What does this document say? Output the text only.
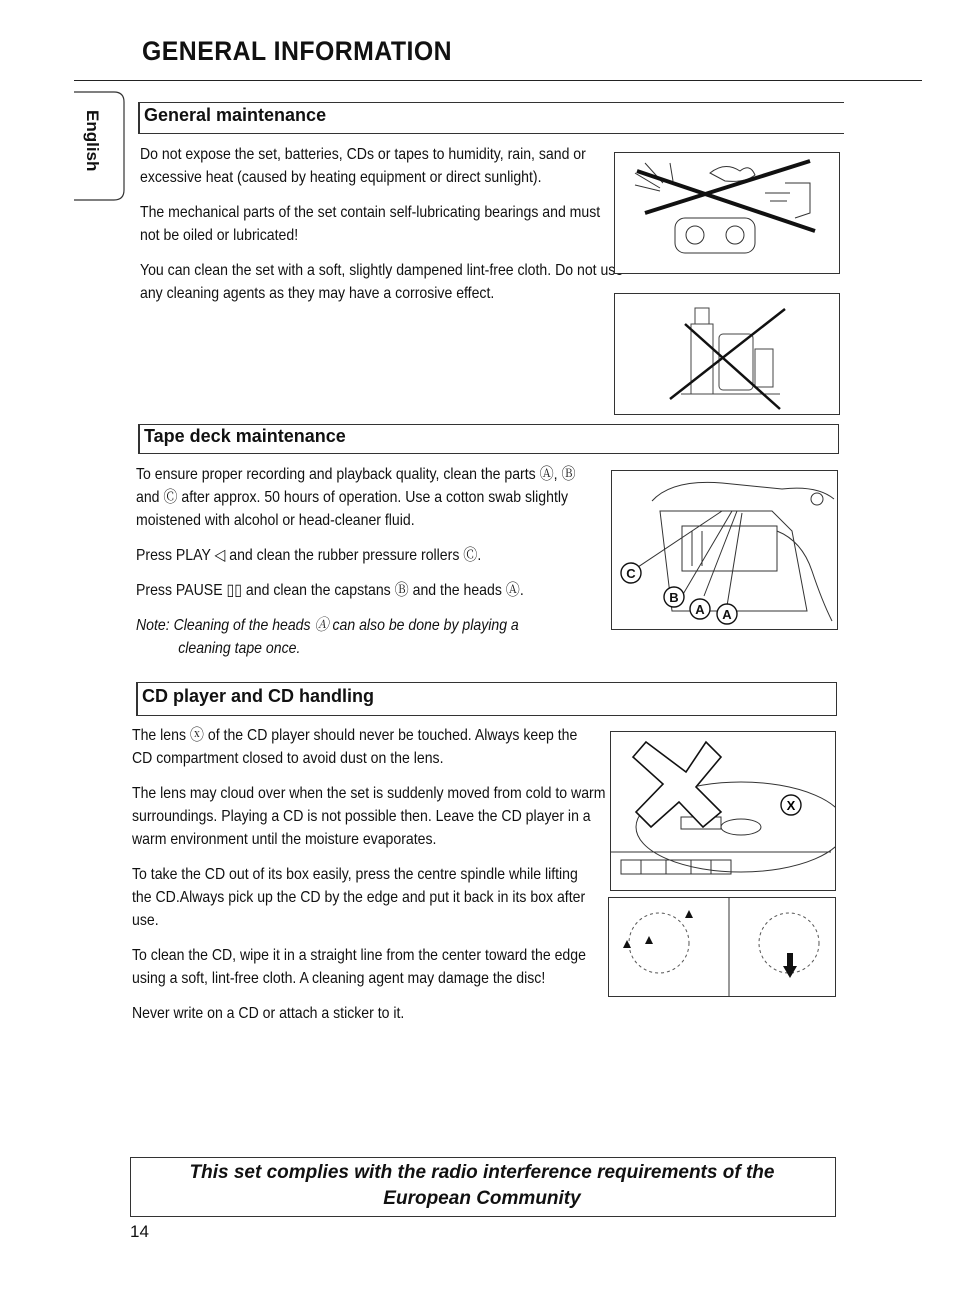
GENERAL INFORMATION
English General maintenance

Do not expose the set, batteries, CDs or tapes to humidity, rain, sand or excessive heat (caused by heating equipment or direct sunlight).

The mechanical parts of the set contain self-lubricating bearings and must not be oiled or lubricated!

You can clean the set with a soft, slightly dampened lint-free cloth. Do not use any cleaning agents as they may have a corrosive effect.

Tape deck maintenance

To ensure proper recording and playback quality, clean the parts Ⓐ, Ⓑ and Ⓒ after approx. 50 hours of operation. Use a cotton swab slightly moistened with alcohol or head-cleaner fluid.

Press PLAY ◁ and clean the rubber pressure rollers Ⓒ.

Press PAUSE ▯▯ and clean the capstans Ⓑ and the heads Ⓐ.

Note: Cleaning of the heads Ⓐ can also be done by playing a
cleaning tape once.
C
B
A A
CD player and CD handling

The lens ⓧ of the CD player should never be touched. Always keep the CD compartment closed to avoid dust on the lens.

The lens may cloud over when the set is suddenly moved from cold to warm surroundings. Playing a CD is not possible then. Leave the CD player in a warm environment until the moisture evaporates.

To take the CD out of its box easily, press the centre spindle while lifting the CD.Always pick up the CD by the edge and put it back in its box after use.

To clean the CD, wipe it in a straight line from the center toward the edge using a soft, lint-free cloth. A cleaning agent may damage the disc!

Never write on a CD or attach a sticker to it.

X
This set complies with the radio interference requirements of the
European Community
14
